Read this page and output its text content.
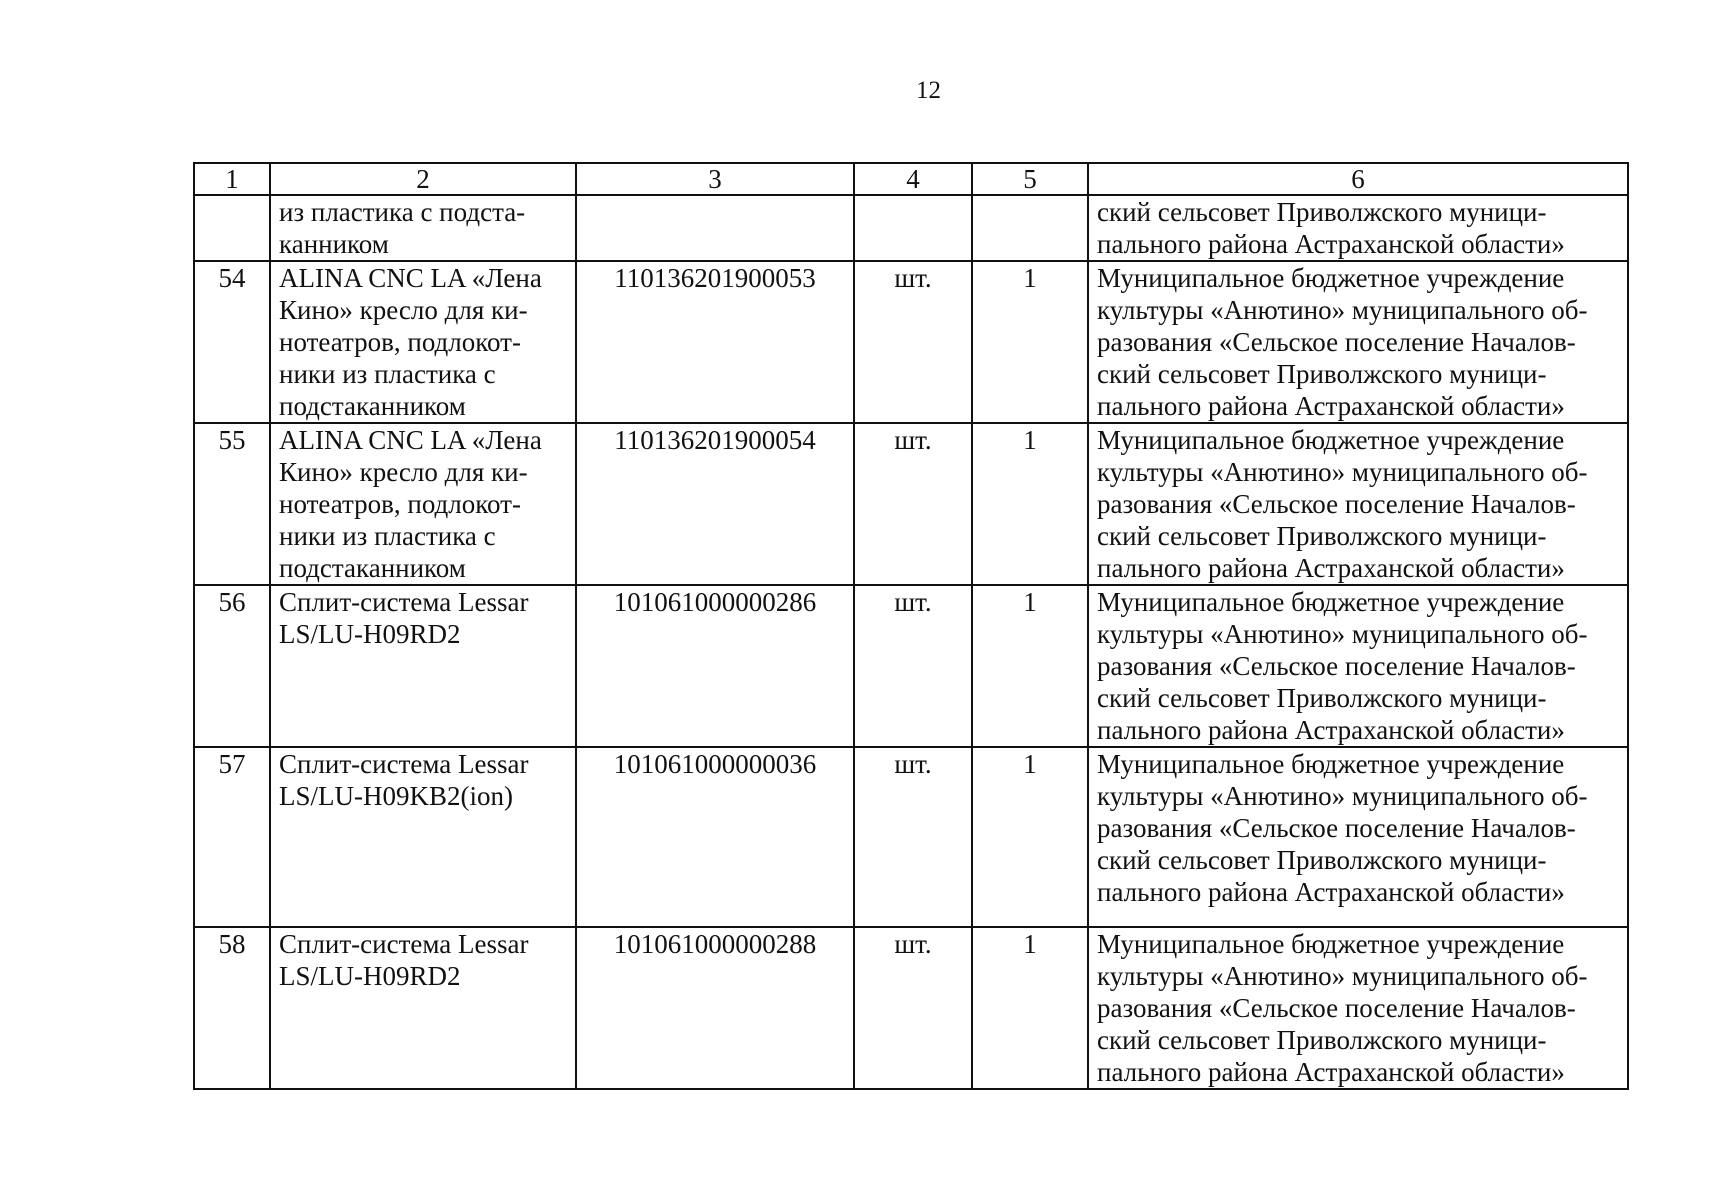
12
1	2	3	4	5	6

	из пластика с подста-
канником				ский сельсовет Приволжского муници-
пального района Астраханской области»

54	ALINA CNC LA «Лена
Кино» кресло для ки-
нотеатров, подлокот-
ники из пластика с
подстаканником	110136201900053	шт.	1	Муниципальное бюджетное учреждение
культуры «Анютино» муниципального об-
разования «Сельское поселение Началов-
ский сельсовет Приволжского муници-
пального района Астраханской области»

55	ALINA CNC LA «Лена
Кино» кресло для ки-
нотеатров, подлокот-
ники из пластика с
подстаканником	110136201900054	шт.	1	Муниципальное бюджетное учреждение
культуры «Анютино» муниципального об-
разования «Сельское поселение Началов-
ский сельсовет Приволжского муници-
пального района Астраханской области»

56	Сплит-система Lessar
LS/LU-H09RD2	101061000000286	шт.	1	Муниципальное бюджетное учреждение
культуры «Анютино» муниципального об-
разования «Сельское поселение Началов-
ский сельсовет Приволжского муници-
пального района Астраханской области»

57	Сплит-система Lessar
LS/LU-H09KB2(ion)	101061000000036	шт.	1	Муниципальное бюджетное учреждение
культуры «Анютино» муниципального об-
разования «Сельское поселение Началов-
ский сельсовет Приволжского муници-
пального района Астраханской области»

58	Сплит-система Lessar
LS/LU-H09RD2	101061000000288	шт.	1	Муниципальное бюджетное учреждение
культуры «Анютино» муниципального об-
разования «Сельское поселение Началов-
ский сельсовет Приволжского муници-
пального района Астраханской области»
